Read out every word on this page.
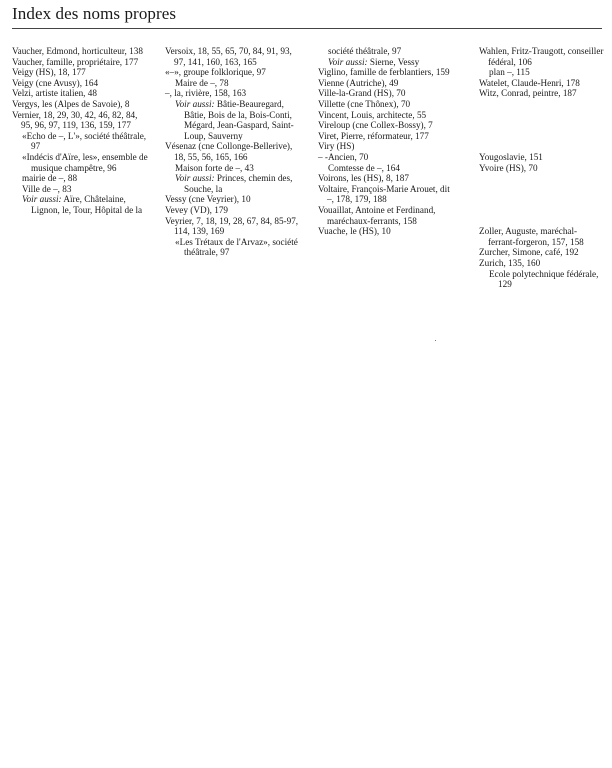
Index des noms propres
Vaucher, Edmond, horticulteur, 138
Vaucher, famille, propriétaire, 177
Veigy (HS), 18, 177
Veigy (cne Avusy), 164
Velzi, artiste italien, 48
Vergys, les (Alpes de Savoie), 8
Vernier, 18, 29, 30, 42, 46, 82, 84, 95, 96, 97, 119, 136, 159, 177
«Echo de –, L'», société théâtrale, 97
«Indécis d'Aïre, les», ensemble de musique champêtre, 96
mairie de –, 88
Ville de –, 83
Voir aussi: Aïre, Châtelaine, Lignon, le, Tour, Hôpital de la
Versoix, 18, 55, 65, 70, 84, 91, 93, 97, 141, 160, 163, 165
«–», groupe folklorique, 97
Maire de –, 78
–, la, rivière, 158, 163
Voir aussi: Bâtie-Beauregard, Bâtie, Bois de la, Bois-Conti, Mégard, Jean-Gaspard, Saint-Loup, Sauverny
Vésenaz (cne Collonge-Bellerive), 18, 55, 56, 165, 166
Maison forte de –, 43
Voir aussi: Princes, chemin des, Souche, la
Vessy (cne Veyrier), 10
Vevey (VD), 179
Veyrier, 7, 18, 19, 28, 67, 84, 85-97, 114, 139, 169
«Les Trétaux de l'Arvaz», société théâtrale, 97
société théâtrale, 97
Voir aussi: Sierne, Vessy
Viglino, famille de ferblantiers, 159
Vienne (Autriche), 49
Ville-la-Grand (HS), 70
Villette (cne Thônex), 70
Vincent, Louis, architecte, 55
Vireloup (cne Collex-Bossy), 7
Viret, Pierre, réformateur, 177
Viry (HS)
– -Ancien, 70
Comtesse de –, 164
Voirons, les (HS), 8, 187
Voltaire, François-Marie Arouet, dit –, 178, 179, 188
Vouaillat, Antoine et Ferdinand, maréchaux-ferrants, 158
Vuache, le (HS), 10
Wahlen, Fritz-Traugott, conseiller fédéral, 106
plan –, 115
Watelet, Claude-Henri, 178
Witz, Conrad, peintre, 187
Yougoslavie, 151
Yvoire (HS), 70
Zoller, Auguste, maréchal-ferrant-forgeron, 157, 158
Zurcher, Simone, café, 192
Zurich, 135, 160
Ecole polytechnique fédérale, 129
